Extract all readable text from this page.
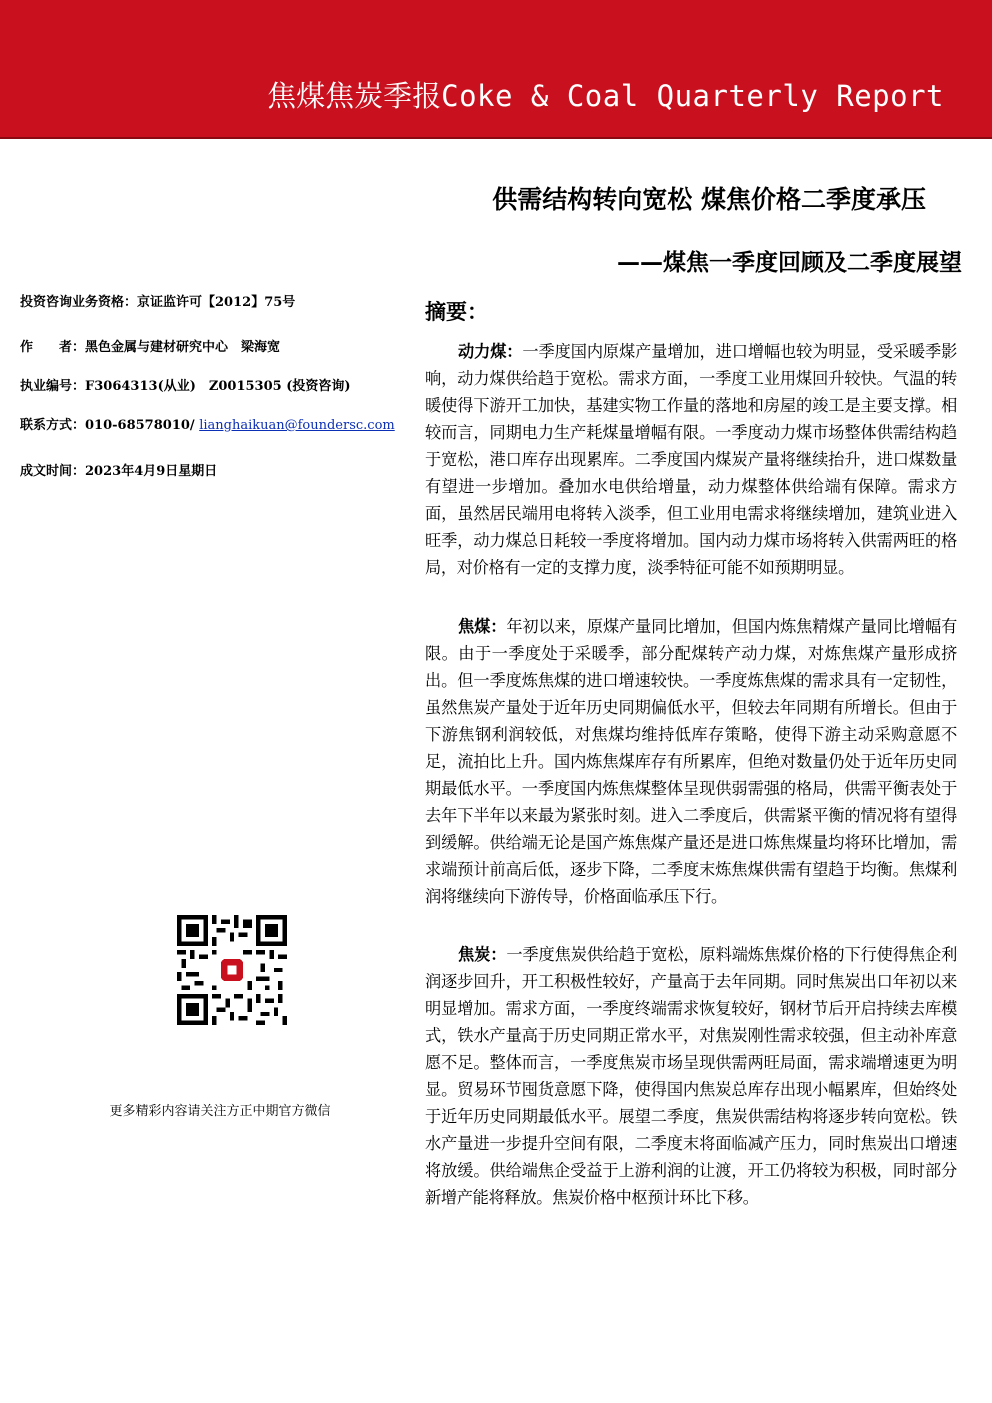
焦煤焦炭季报Coke & Coal Quarterly Report
供需结构转向宽松 煤焦价格二季度承压
——煤焦一季度回顾及二季度展望
投资咨询业务资格：京证监许可【2012】75号
作　　者：黑色金属与建材研究中心　梁海宽
执业编号：F3064313(从业)　Z0015305 (投资咨询)
联系方式：010-68578010/ lianghaikuan@foundersc.com
成文时间：2023年4月9日星期日
更多精彩内容请关注方正中期官方微信
摘要：

动力煤：一季度国内原煤产量增加，进口增幅也较为明显，受采暖季影响，动力煤供给趋于宽松。需求方面，一季度工业用煤回升较快。气温的转暖使得下游开工加快，基建实物工作量的落地和房屋的竣工是主要支撑。相较而言，同期电力生产耗煤量增幅有限。一季度动力煤市场整体供需结构趋于宽松，港口库存出现累库。二季度国内煤炭产量将继续抬升，进口煤数量有望进一步增加。叠加水电供给增量，动力煤整体供给端有保障。需求方面，虽然居民端用电将转入淡季，但工业用电需求将继续增加，建筑业进入旺季，动力煤总日耗较一季度将增加。国内动力煤市场将转入供需两旺的格局，对价格有一定的支撑力度，淡季特征可能不如预期明显。

焦煤：年初以来，原煤产量同比增加，但国内炼焦精煤产量同比增幅有限。由于一季度处于采暖季，部分配煤转产动力煤，对炼焦煤产量形成挤出。但一季度炼焦煤的进口增速较快。一季度炼焦煤的需求具有一定韧性，虽然焦炭产量处于近年历史同期偏低水平，但较去年同期有所增长。但由于下游焦钢利润较低，对焦煤均维持低库存策略，使得下游主动采购意愿不足，流拍比上升。国内炼焦煤库存有所累库，但绝对数量仍处于近年历史同期最低水平。一季度国内炼焦煤整体呈现供弱需强的格局，供需平衡表处于去年下半年以来最为紧张时刻。进入二季度后，供需紧平衡的情况将有望得到缓解。供给端无论是国产炼焦煤产量还是进口炼焦煤量均将环比增加，需求端预计前高后低，逐步下降，二季度末炼焦煤供需有望趋于均衡。焦煤利润将继续向下游传导，价格面临承压下行。

焦炭：一季度焦炭供给趋于宽松，原料端炼焦煤价格的下行使得焦企利润逐步回升，开工积极性较好，产量高于去年同期。同时焦炭出口年初以来明显增加。需求方面，一季度终端需求恢复较好，钢材节后开启持续去库模式，铁水产量高于历史同期正常水平，对焦炭刚性需求较强，但主动补库意愿不足。整体而言，一季度焦炭市场呈现供需两旺局面，需求端增速更为明显。贸易环节囤货意愿下降，使得国内焦炭总库存出现小幅累库，但始终处于近年历史同期最低水平。展望二季度，焦炭供需结构将逐步转向宽松。铁水产量进一步提升空间有限，二季度末将面临减产压力，同时焦炭出口增速将放缓。供给端焦企受益于上游利润的让渡，开工仍将较为积极，同时部分新增产能将释放。焦炭价格中枢预计环比下移。
